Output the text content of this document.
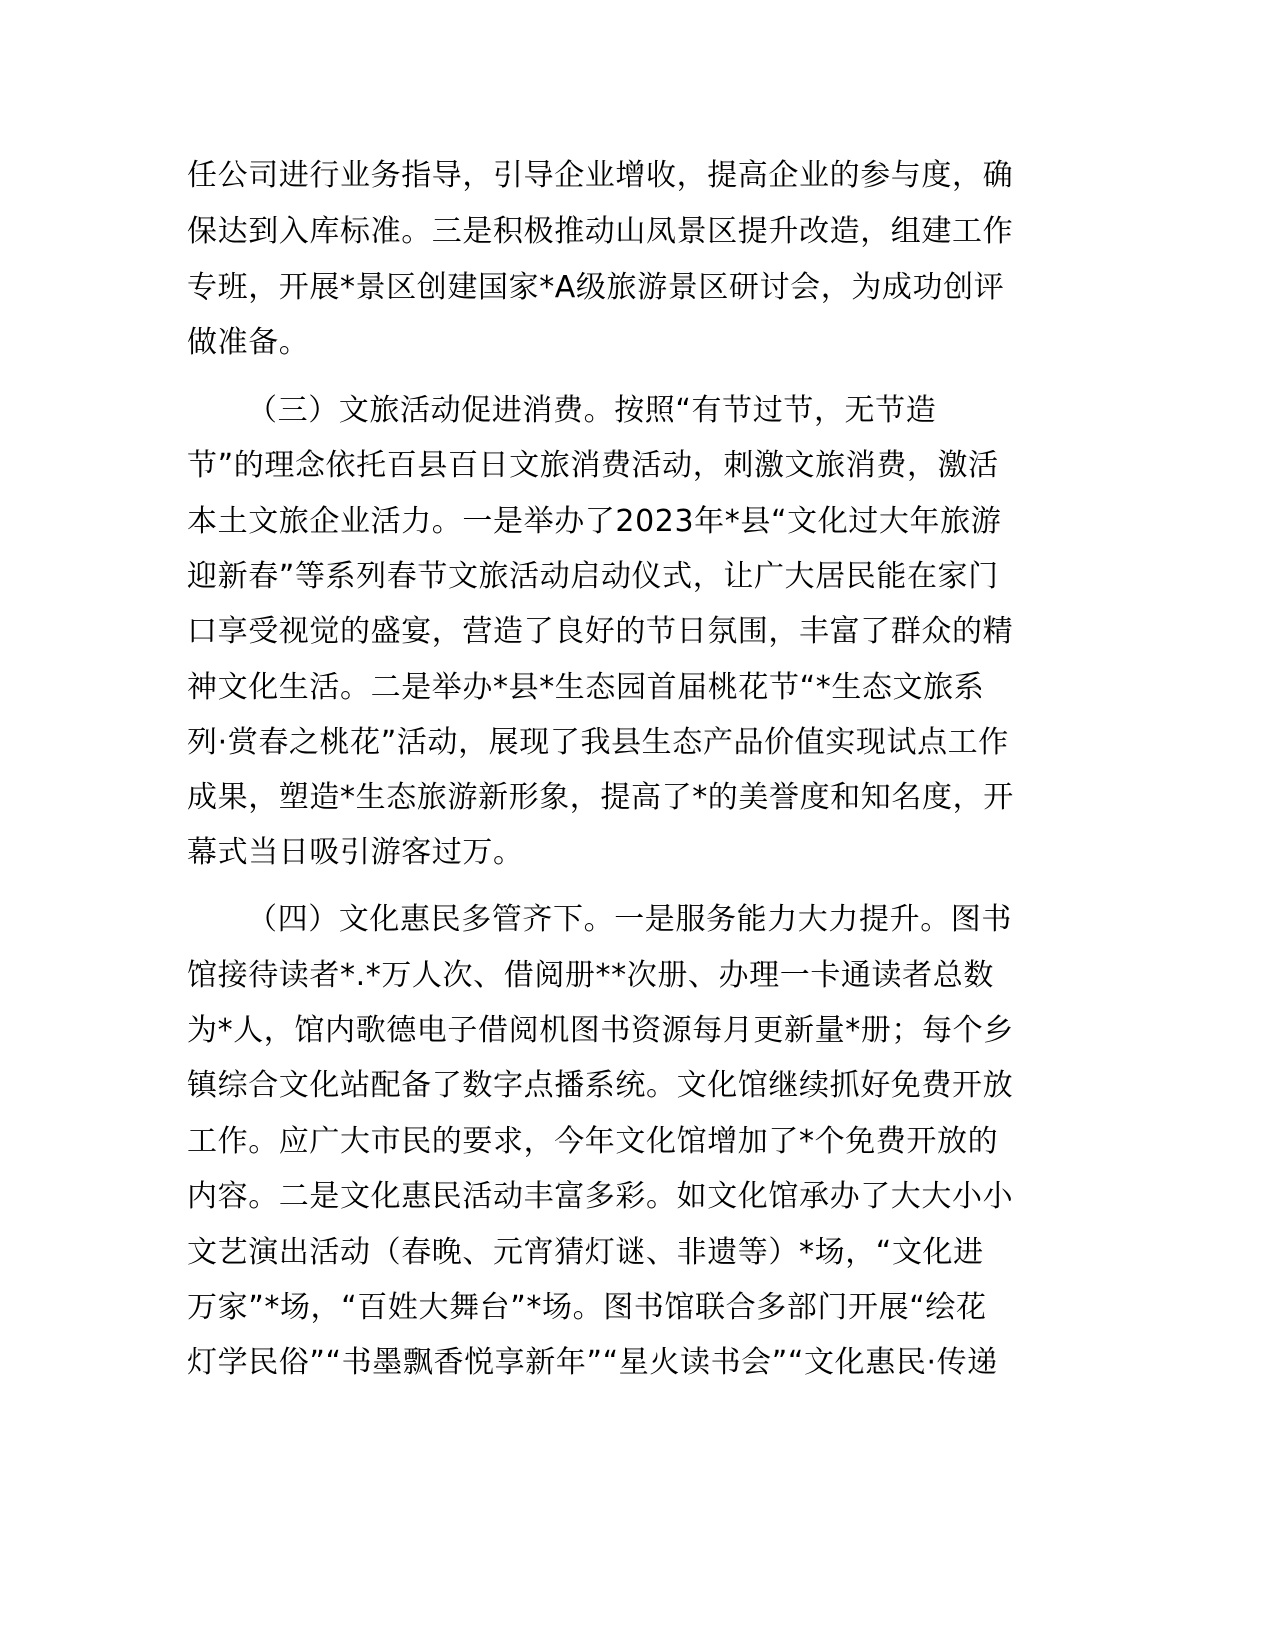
任公司进行业务指导，引导企业增收，提高企业的参与度，确
保达到入库标准。三是积极推动山凤景区提升改造，组建工作
专班，开展*景区创建国家*A级旅游景区研讨会，为成功创评
做准备。
（三）文旅活动促进消费。按照“有节过节，无节造
节”的理念依托百县百日文旅消费活动，刺激文旅消费，激活
本土文旅企业活力。一是举办了2023年*县“文化过大年旅游
迎新春”等系列春节文旅活动启动仪式，让广大居民能在家门
口享受视觉的盛宴，营造了良好的节日氛围，丰富了群众的精
神文化生活。二是举办*县*生态园首届桃花节“*生态文旅系
列·赏春之桃花”活动，展现了我县生态产品价值实现试点工作
成果，塑造*生态旅游新形象，提高了*的美誉度和知名度，开
幕式当日吸引游客过万。
（四）文化惠民多管齐下。一是服务能力大力提升。图书
馆接待读者*.*万人次、借阅册**次册、办理一卡通读者总数
为*人，馆内歌德电子借阅机图书资源每月更新量*册；每个乡
镇综合文化站配备了数字点播系统。文化馆继续抓好免费开放
工作。应广大市民的要求，今年文化馆增加了*个免费开放的
内容。二是文化惠民活动丰富多彩。如文化馆承办了大大小小
文艺演出活动（春晚、元宵猜灯谜、非遗等）*场，“文化进
万家”*场，“百姓大舞台”*场。图书馆联合多部门开展“绘花
灯学民俗”“书墨飘香悦享新年”“星火读书会”“文化惠民·传递
